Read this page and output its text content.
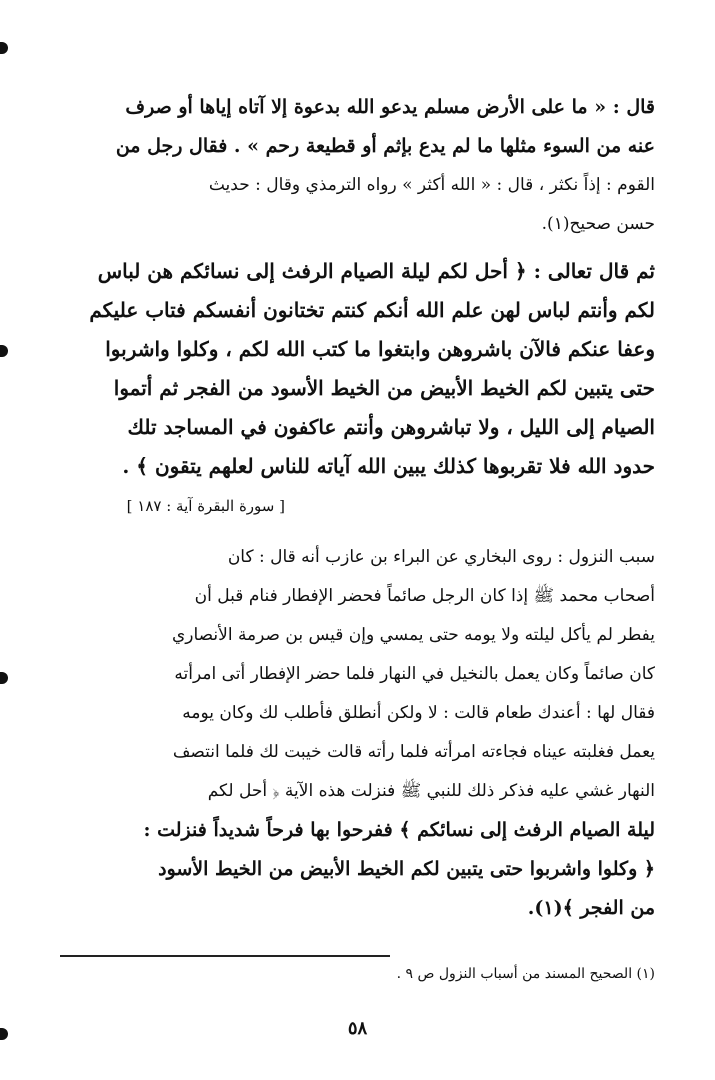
قال : « ما على الأرض مسلم يدعو الله بدعوة إلا آتاه إياها أو صرف
عنه من السوء مثلها ما لم يدع بإثم أو قطيعة رحم » . فقال رجل من
القوم : إذاً نكثر ، قال : « الله أكثر » رواه الترمذي وقال : حديث
حسن صحيح(١).
ثم قال تعالى : ﴿ أحل لكم ليلة الصيام الرفث إلى نسائكم هن لباس
لكم وأنتم لباس لهن علم الله أنكم كنتم تختانون أنفسكم فتاب عليكم
وعفا عنكم فالآن باشروهن وابتغوا ما كتب الله لكم ، وكلوا واشربوا
حتى يتبين لكم الخيط الأبيض من الخيط الأسود من الفجر ثم أتموا
الصيام إلى الليل ، ولا تباشروهن وأنتم عاكفون في المساجد تلك
حدود الله فلا تقربوها كذلك يبين الله آياته للناس لعلهم يتقون ﴾ .
[ سورة البقرة آية : ١٨٧ ]
سبب النزول : روى البخاري عن البراء بن عازب أنه قال : كان
أصحاب محمد ﷺ إذا كان الرجل صائماً فحضر الإفطار فنام قبل أن
يفطر لم يأكل ليلته ولا يومه حتى يمسي وإن قيس بن صرمة الأنصاري
كان صائماً وكان يعمل بالنخيل في النهار فلما حضر الإفطار أتى امرأته
فقال لها : أعندك طعام قالت : لا ولكن أنطلق فأطلب لك وكان يومه
يعمل فغلبته عيناه فجاءته امرأته فلما رأته قالت خيبت لك فلما انتصف
النهار غشي عليه فذكر ذلك للنبي ﷺ فنزلت هذه الآية ﴿ أحل لكم
ليلة الصيام الرفث إلى نسائكم ﴾ ففرحوا بها فرحاً شديداً فنزلت :
﴿ وكلوا واشربوا حتى يتبين لكم الخيط الأبيض من الخيط الأسود
من الفجر ﴾(١).
(١) الصحيح المسند من أسباب النزول ص ٩ .
٥٨
